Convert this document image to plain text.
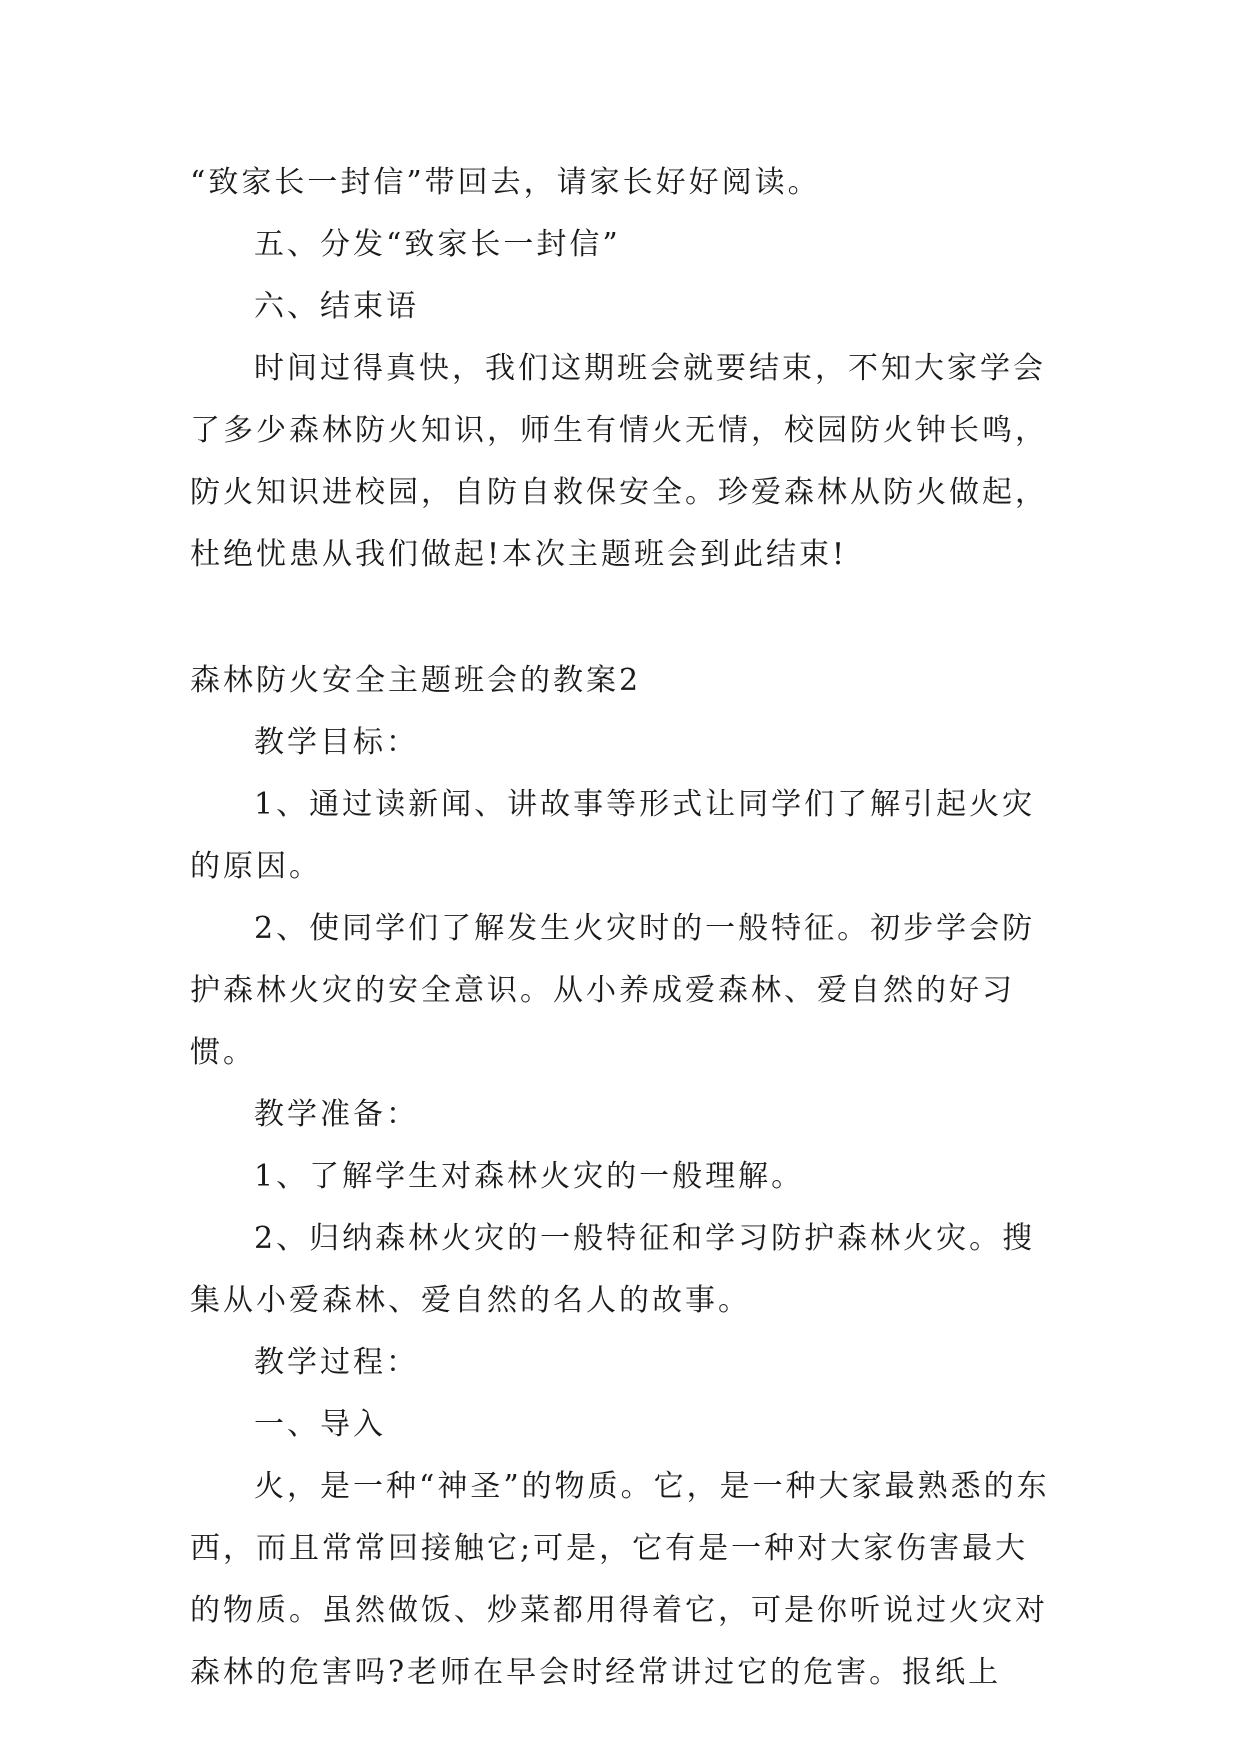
“致家长一封信”带回去，请家长好好阅读。

五、分发“致家长一封信”

六、结束语

时间过得真快，我们这期班会就要结束，不知大家学会了多少森林防火知识，师生有情火无情，校园防火钟长鸣，防火知识进校园，自防自救保安全。珍爱森林从防火做起，杜绝忧患从我们做起!本次主题班会到此结束!

森林防火安全主题班会的教案2

教学目标：

1、通过读新闻、讲故事等形式让同学们了解引起火灾的原因。

2、使同学们了解发生火灾时的一般特征。初步学会防护森林火灾的安全意识。从小养成爱森林、爱自然的好习惯。

教学准备：

1、了解学生对森林火灾的一般理解。

2、归纳森林火灾的一般特征和学习防护森林火灾。搜集从小爱森林、爱自然的名人的故事。

教学过程：

一、导入

火，是一种“神圣”的物质。它，是一种大家最熟悉的东西，而且常常回接触它;可是，它有是一种对大家伤害最大的物质。虽然做饭、炒菜都用得着它，可是你听说过火灾对森林的危害吗?老师在早会时经常讲过它的危害。报纸上
